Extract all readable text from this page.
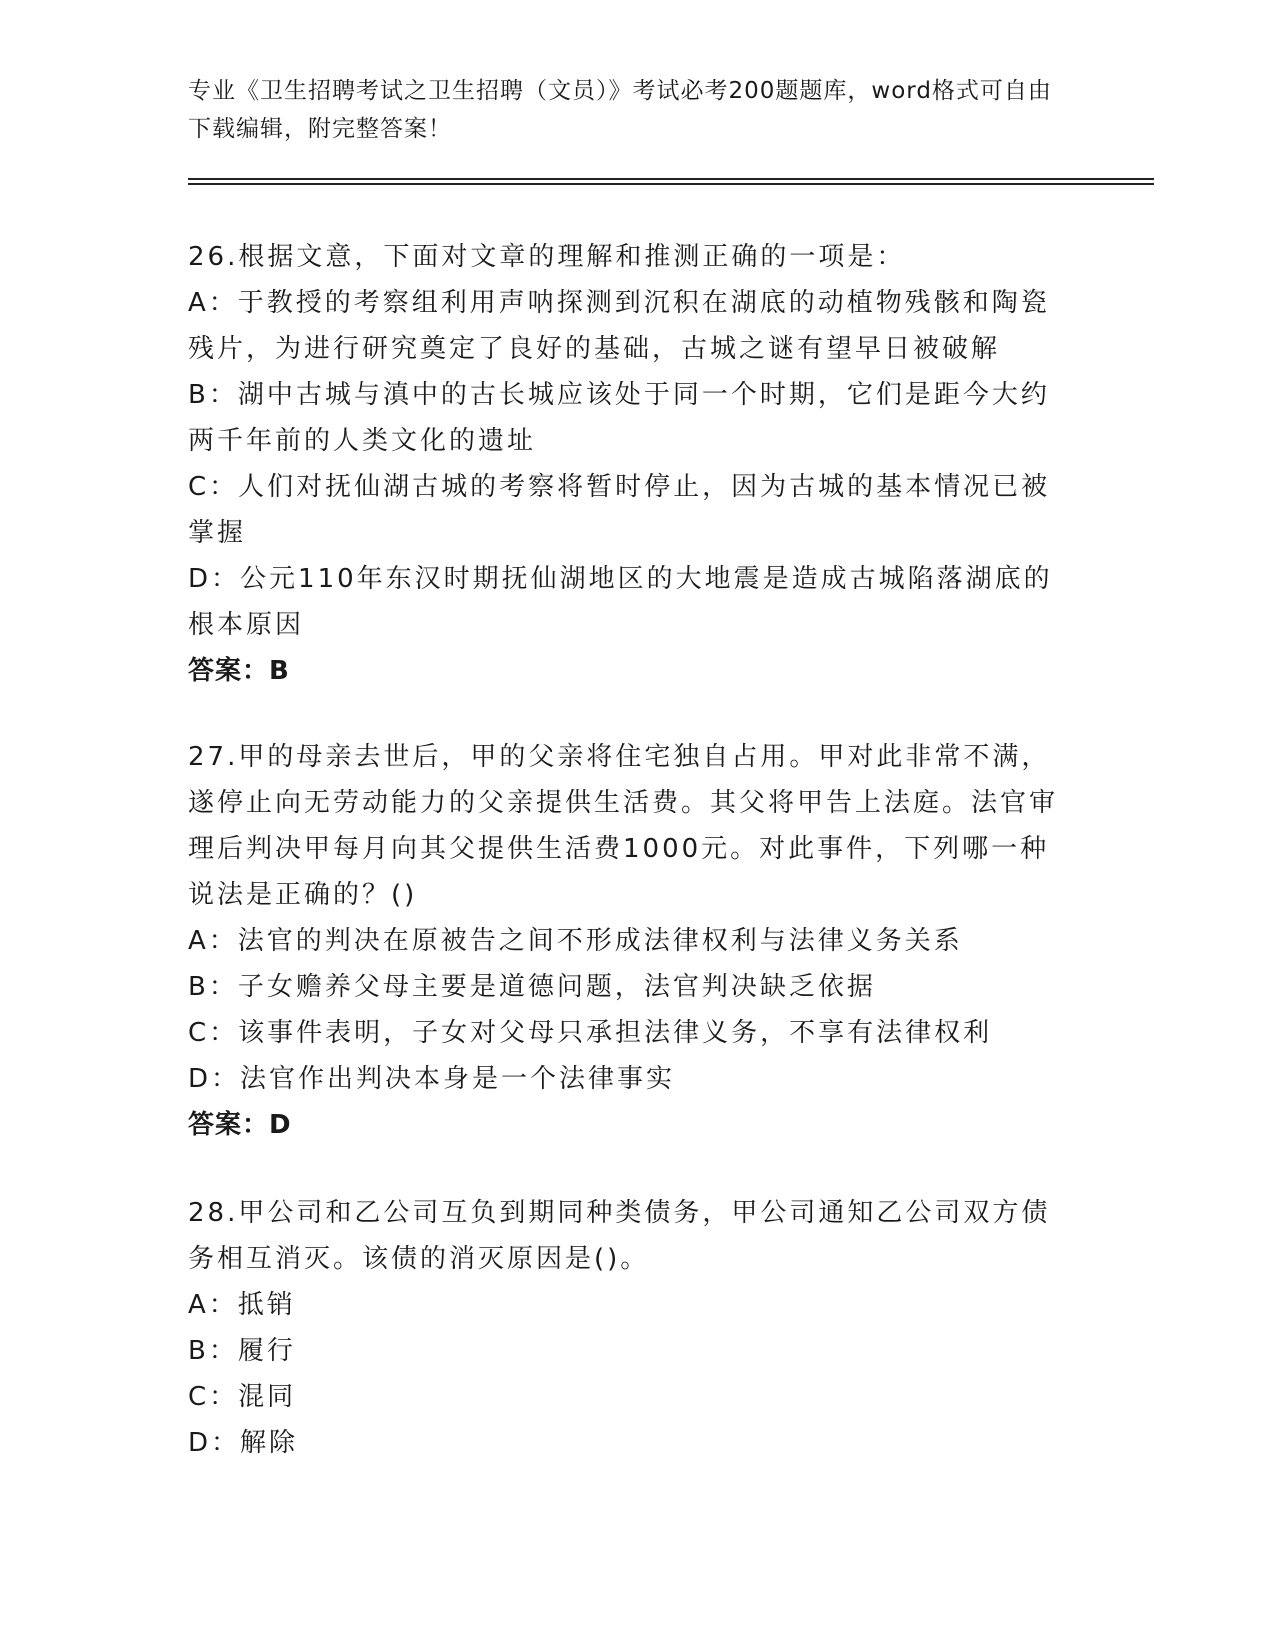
专业《卫生招聘考试之卫生招聘（文员）》考试必考200题题库，word格式可自由下载编辑，附完整答案！

26.根据文意，下面对文章的理解和推测正确的一项是：

A：于教授的考察组利用声呐探测到沉积在湖底的动植物残骸和陶瓷残片，为进行研究奠定了良好的基础，古城之谜有望早日被破解

B：湖中古城与滇中的古长城应该处于同一个时期，它们是距今大约两千年前的人类文化的遗址

C：人们对抚仙湖古城的考察将暂时停止，因为古城的基本情况已被掌握

D：公元110年东汉时期抚仙湖地区的大地震是造成古城陷落湖底的根本原因

答案：B

27.甲的母亲去世后，甲的父亲将住宅独自占用。甲对此非常不满，遂停止向无劳动能力的父亲提供生活费。其父将甲告上法庭。法官审理后判决甲每月向其父提供生活费1000元。对此事件，下列哪一种说法是正确的？()

A：法官的判决在原被告之间不形成法律权利与法律义务关系

B：子女赡养父母主要是道德问题，法官判决缺乏依据

C：该事件表明，子女对父母只承担法律义务，不享有法律权利

D：法官作出判决本身是一个法律事实

答案：D

28.甲公司和乙公司互负到期同种类债务，甲公司通知乙公司双方债务相互消灭。该债的消灭原因是()。

A：抵销

B：履行

C：混同

D：解除
